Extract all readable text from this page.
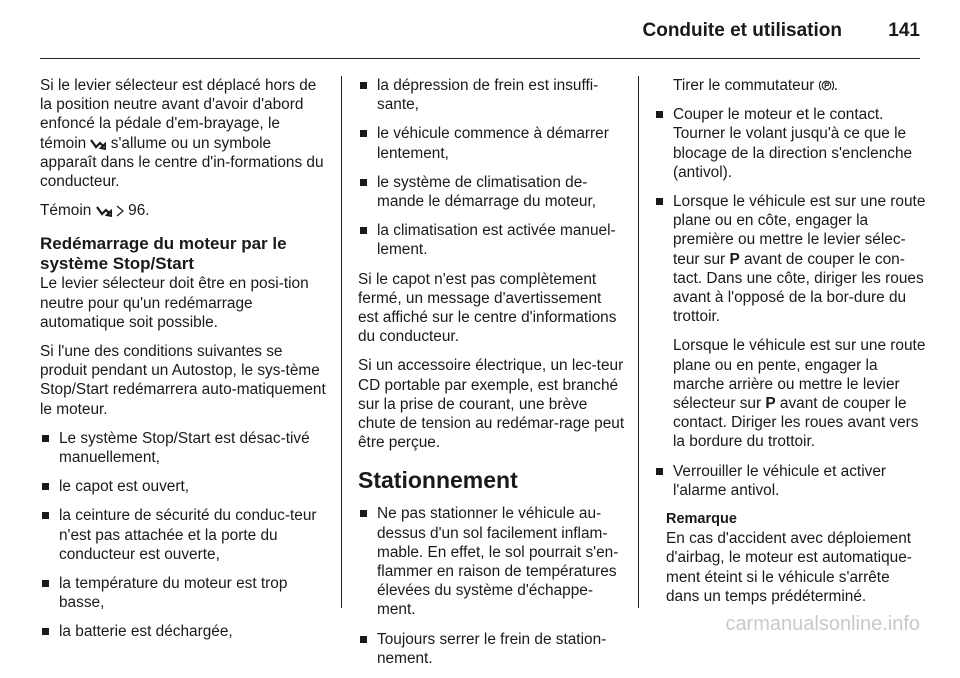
Conduite et utilisation 141

Si le levier sélecteur est déplacé hors de la position neutre avant d'avoir d'abord enfoncé la pédale d'em-brayage, le témoin  s'allume ou un symbole apparaît dans le centre d'in-formations du conducteur.

Témoin   96.

Redémarrage du moteur par le système Stop/Start

Le levier sélecteur doit être en posi-tion neutre pour qu'un redémarrage automatique soit possible.

Si l'une des conditions suivantes se produit pendant un Autostop, le sys-tème Stop/Start redémarrera auto-matiquement le moteur.

Le système Stop/Start est désac-tivé manuellement,
le capot est ouvert,
la ceinture de sécurité du conduc-teur n'est pas attachée et la porte du conducteur est ouverte,
la température du moteur est trop basse,
la batterie est déchargée,
la dépression de frein est insuffi-sante,
le véhicule commence à démarrer lentement,
le système de climatisation de-mande le démarrage du moteur,
la climatisation est activée manuel-lement.

Si le capot n'est pas complètement fermé, un message d'avertissement est affiché sur le centre d'informations du conducteur.

Si un accessoire électrique, un lec-teur CD portable par exemple, est branché sur la prise de courant, une brève chute de tension au redémar-rage peut être perçue.

Stationnement
Ne pas stationner le véhicule au-dessus d'un sol facilement inflam-mable. En effet, le sol pourrait s'en-flammer en raison de températures élevées du système d'échappe-ment.
Toujours serrer le frein de station-nement.
Tirer le commutateur .
Couper le moteur et le contact. Tourner le volant jusqu'à ce que le blocage de la direction s'enclenche (antivol).
Lorsque le véhicule est sur une route plane ou en côte, engager la première ou mettre le levier sélec-teur sur P avant de couper le con-tact. Dans une côte, diriger les roues avant à l'opposé de la bor-dure du trottoir.
Lorsque le véhicule est sur une route plane ou en pente, engager la marche arrière ou mettre le levier sélecteur sur P avant de couper le contact. Diriger les roues avant vers la bordure du trottoir.
Verrouiller le véhicule et activer l'alarme antivol.

Remarque

En cas d'accident avec déploiement d'airbag, le moteur est automatique-ment éteint si le véhicule s'arrête dans un temps prédéterminé.

carmanualsonline.info
